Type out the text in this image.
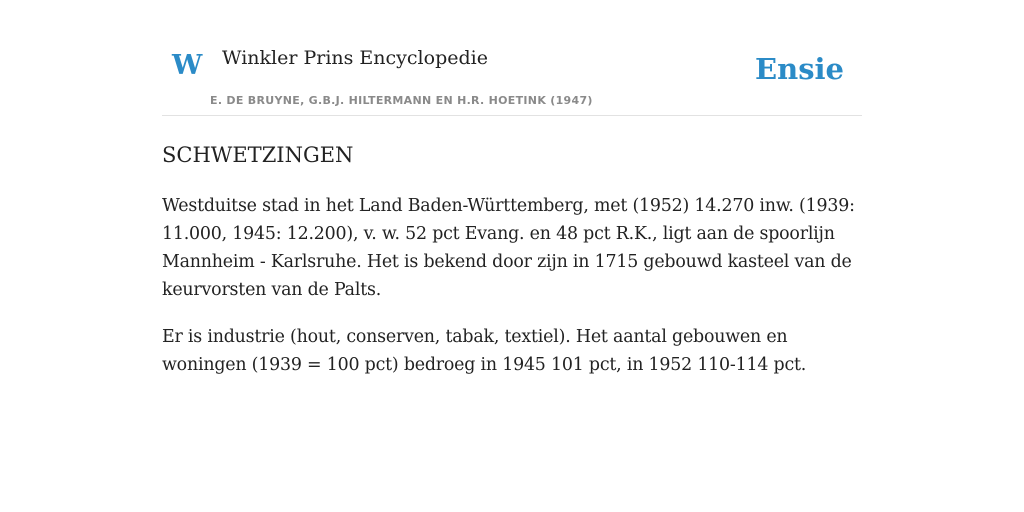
W Winkler Prins Encyclopedie
E. DE BRUYNE, G.B.J. HILTERMANN EN H.R. HOETINK (1947)
Ensie
SCHWETZINGEN

Westduitse stad in het Land Baden-Württemberg, met (1952) 14.270 inw. (1939: 11.000, 1945: 12.200), v. w. 52 pct Evang. en 48 pct R.K., ligt aan de spoorlijn Mannheim - Karlsruhe. Het is bekend door zijn in 1715 gebouwd kasteel van de keurvorsten van de Palts.

Er is industrie (hout, conserven, tabak, textiel). Het aantal gebouwen en woningen (1939 = 100 pct) bedroeg in 1945 101 pct, in 1952 110-114 pct.
